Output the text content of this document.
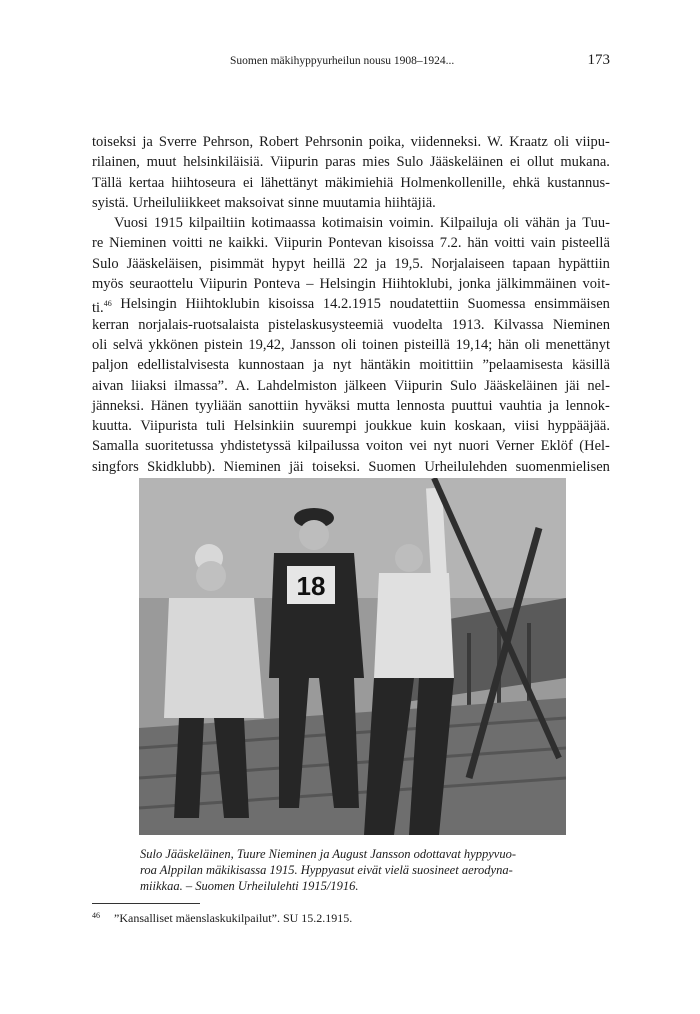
Suomen mäkihyppyurheilun nousu 1908–1924...	173
toiseksi ja Sverre Pehrson, Robert Pehrsonin poika, viidenneksi. W. Kraatz oli viipu-
rilainen, muut helsinkiläisiä. Viipurin paras mies Sulo Jääskeläinen ei ollut mukana.
Tällä kertaa hiihtoseura ei lähettänyt mäkimiehiä Holmenkollenille, ehkä kustannus-
syistä. Urheiluliikkeet maksoivat sinne muutamia hiihtäjiä.
Vuosi 1915 kilpailtiin kotimaassa kotimaisin voimin. Kilpailuja oli vähän ja Tuu-
re Nieminen voitti ne kaikki. Viipurin Pontevan kisoissa 7.2. hän voitti vain pisteellä
Sulo Jääskeläisen, pisimmät hypyt heillä 22 ja 19,5. Norjalaiseen tapaan hypättiin
myös seuraottelu Viipurin Ponteva – Helsingin Hiihtoklubi, jonka jälkimmäinen voit-
ti.$^{46}$ Helsingin Hiihtoklubin kisoissa 14.2.1915 noudatettiin Suomessa ensimmäisen
kerran norjalais-ruotsalaista pistelaskusysteemiä vuodelta 1913. Kilvassa Nieminen
oli selvä ykkönen pistein 19,42, Jansson oli toinen pisteillä 19,14; hän oli menettänyt
paljon edellistalvisesta kunnostaan ja nyt häntäkin moitittiin ”pelaamisesta käsillä
aivan liiaksi ilmassa”. A. Lahdelmiston jälkeen Viipurin Sulo Jääskeläinen jäi nel-
jänneksi. Hänen tyyliään sanottiin hyväksi mutta lennosta puuttui vauhtia ja lennok-
kuutta. Viipurista tuli Helsinkiin suurempi joukkue kuin koskaan, viisi hyppääjää.
Samalla suoritetussa yhdistetyssä kilpailussa voiton vei nyt nuori Verner Eklöf (Hel-
singfors Skidklubb). Nieminen jäi toiseksi. Suomen Urheilulehden suomenmielisen
18
Sulo Jääskeläinen, Tuure Nieminen ja August Jansson odottavat hyppyvuo-
roa Alppilan mäkikisassa 1915. Hyppyasut eivät vielä suosineet aerodyna-
miikkaa. – Suomen Urheilulehti 1915/1916.
$^{46}$ ”Kansalliset mäenslaskukilpailut”. SU 15.2.1915.
